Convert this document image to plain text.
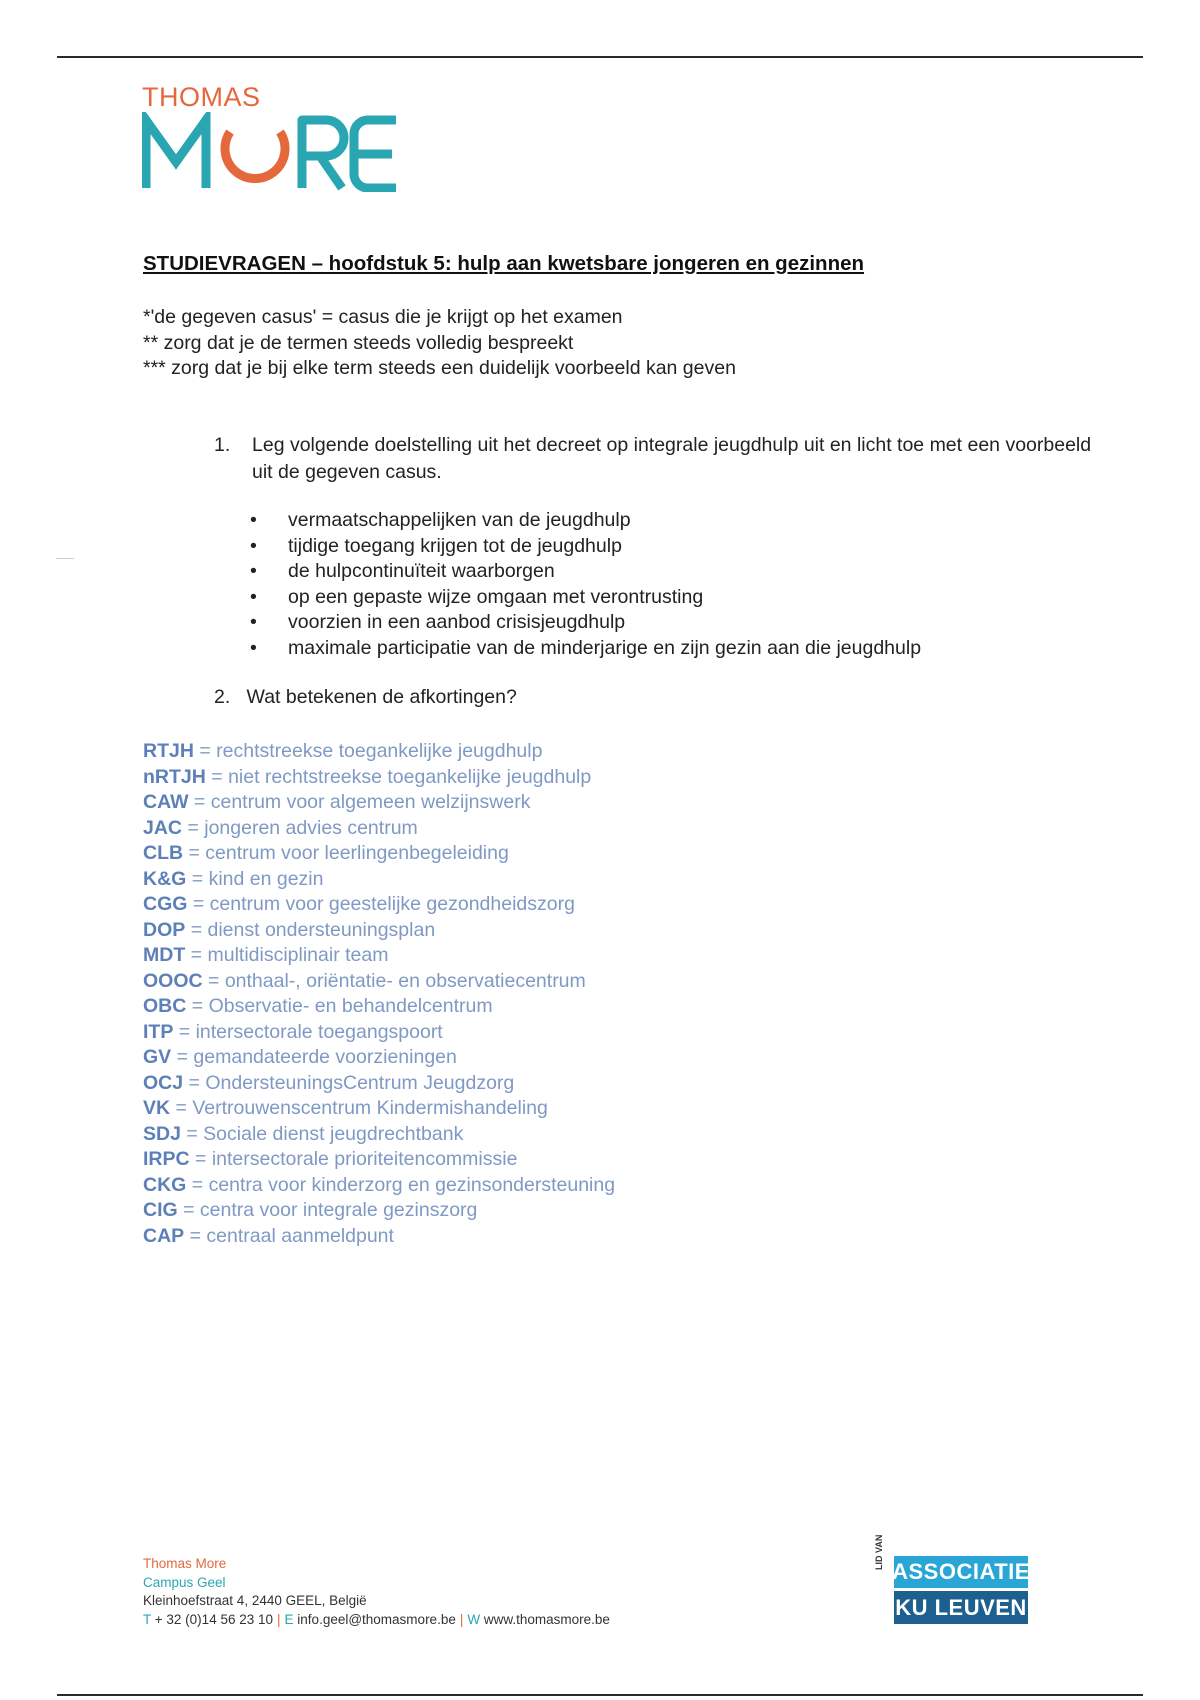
THOMAS
STUDIEVRAGEN – hoofdstuk 5: hulp aan kwetsbare jongeren en gezinnen
*'de gegeven casus' = casus die je krijgt op het examen
** zorg dat je de termen steeds volledig bespreekt
*** zorg dat je bij elke term steeds een duidelijk voorbeeld kan geven
1. Leg volgende doelstelling uit het decreet op integrale jeugdhulp uit en licht toe met een voorbeeld uit de gegeven casus.
• vermaatschappelijken van de jeugdhulp
• tijdige toegang krijgen tot de jeugdhulp
• de hulpcontinuïteit waarborgen
• op een gepaste wijze omgaan met verontrusting
• voorzien in een aanbod crisisjeugdhulp
• maximale participatie van de minderjarige en zijn gezin aan die jeugdhulp
2. Wat betekenen de afkortingen?
RTJH = rechtstreekse toegankelijke jeugdhulp
nRTJH = niet rechtstreekse toegankelijke jeugdhulp
CAW = centrum voor algemeen welzijnswerk
JAC = jongeren advies centrum
CLB = centrum voor leerlingenbegeleiding
K&G = kind en gezin
CGG = centrum voor geestelijke gezondheidszorg
DOP = dienst ondersteuningsplan
MDT = multidisciplinair team
OOOC = onthaal-, oriëntatie- en observatiecentrum
OBC = Observatie- en behandelcentrum
ITP = intersectorale toegangspoort
GV = gemandateerde voorzieningen
OCJ = OndersteuningsCentrum Jeugdzorg
VK = Vertrouwenscentrum Kindermishandeling
SDJ = Sociale dienst jeugdrechtbank
IRPC = intersectorale prioriteitencommissie
CKG = centra voor kinderzorg en gezinsondersteuning
CIG = centra voor integrale gezinszorg
CAP = centraal aanmeldpunt
Thomas More
Campus Geel
Kleinhoefstraat 4, 2440 GEEL, België
T + 32 (0)14 56 23 10 | E info.geel@thomasmore.be | W www.thomasmore.be
LID VAN
ASSOCIATIE
KU LEUVEN
